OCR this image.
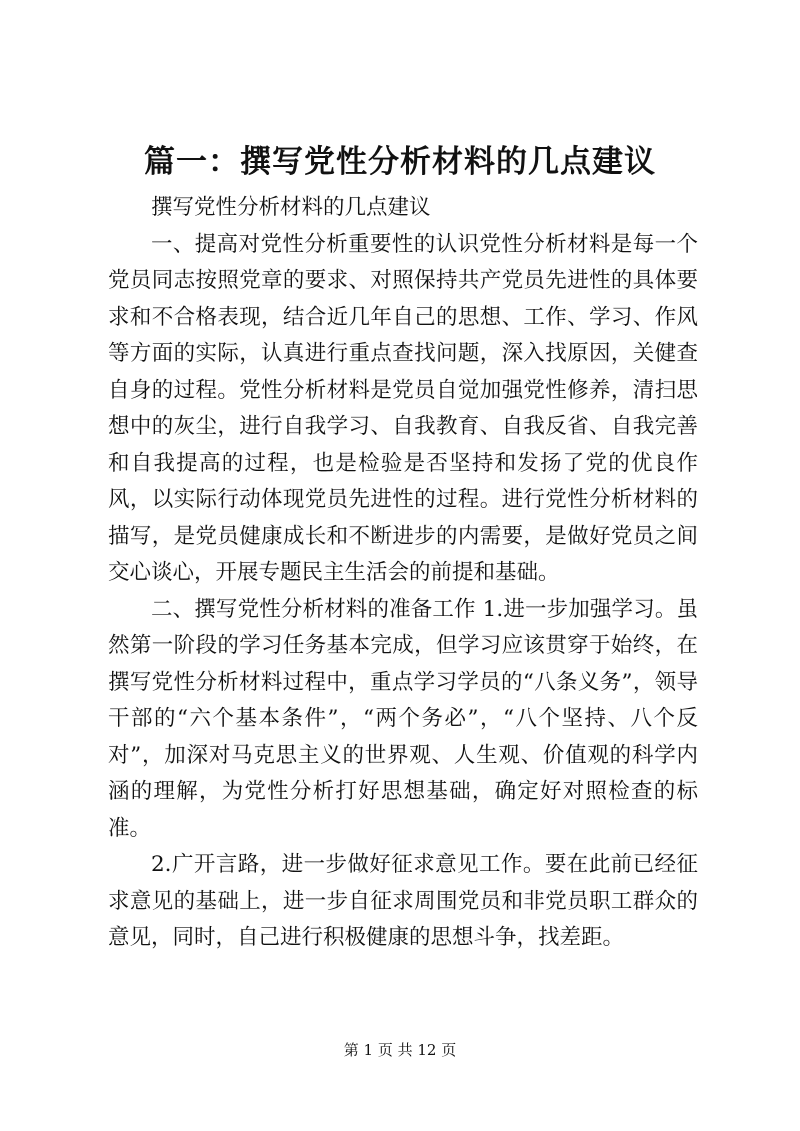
篇一：撰写党性分析材料的几点建议

撰写党性分析材料的几点建议

一、提高对党性分析重要性的认识党性分析材料是每一个党员同志按照党章的要求、对照保持共产党员先进性的具体要求和不合格表现，结合近几年自己的思想、工作、学习、作风等方面的实际，认真进行重点查找问题，深入找原因，关健查自身的过程。党性分析材料是党员自觉加强党性修养，清扫思想中的灰尘，进行自我学习、自我教育、自我反省、自我完善和自我提高的过程，也是检验是否坚持和发扬了党的优良作风，以实际行动体现党员先进性的过程。进行党性分析材料的描写，是党员健康成长和不断进步的内需要，是做好党员之间交心谈心，开展专题民主生活会的前提和基础。

二、撰写党性分析材料的准备工作 1.进一步加强学习。虽然第一阶段的学习任务基本完成，但学习应该贯穿于始终，在撰写党性分析材料过程中，重点学习学员的“八条义务”，领导干部的“六个基本条件”，“两个务必”，“八个坚持、八个反对”，加深对马克思主义的世界观、人生观、价值观的科学内涵的理解，为党性分析打好思想基础，确定好对照检查的标准。

2.广开言路，进一步做好征求意见工作。要在此前已经征求意见的基础上，进一步自征求周围党员和非党员职工群众的意见，同时，自己进行积极健康的思想斗争，找差距。

第 1 页 共 12 页
